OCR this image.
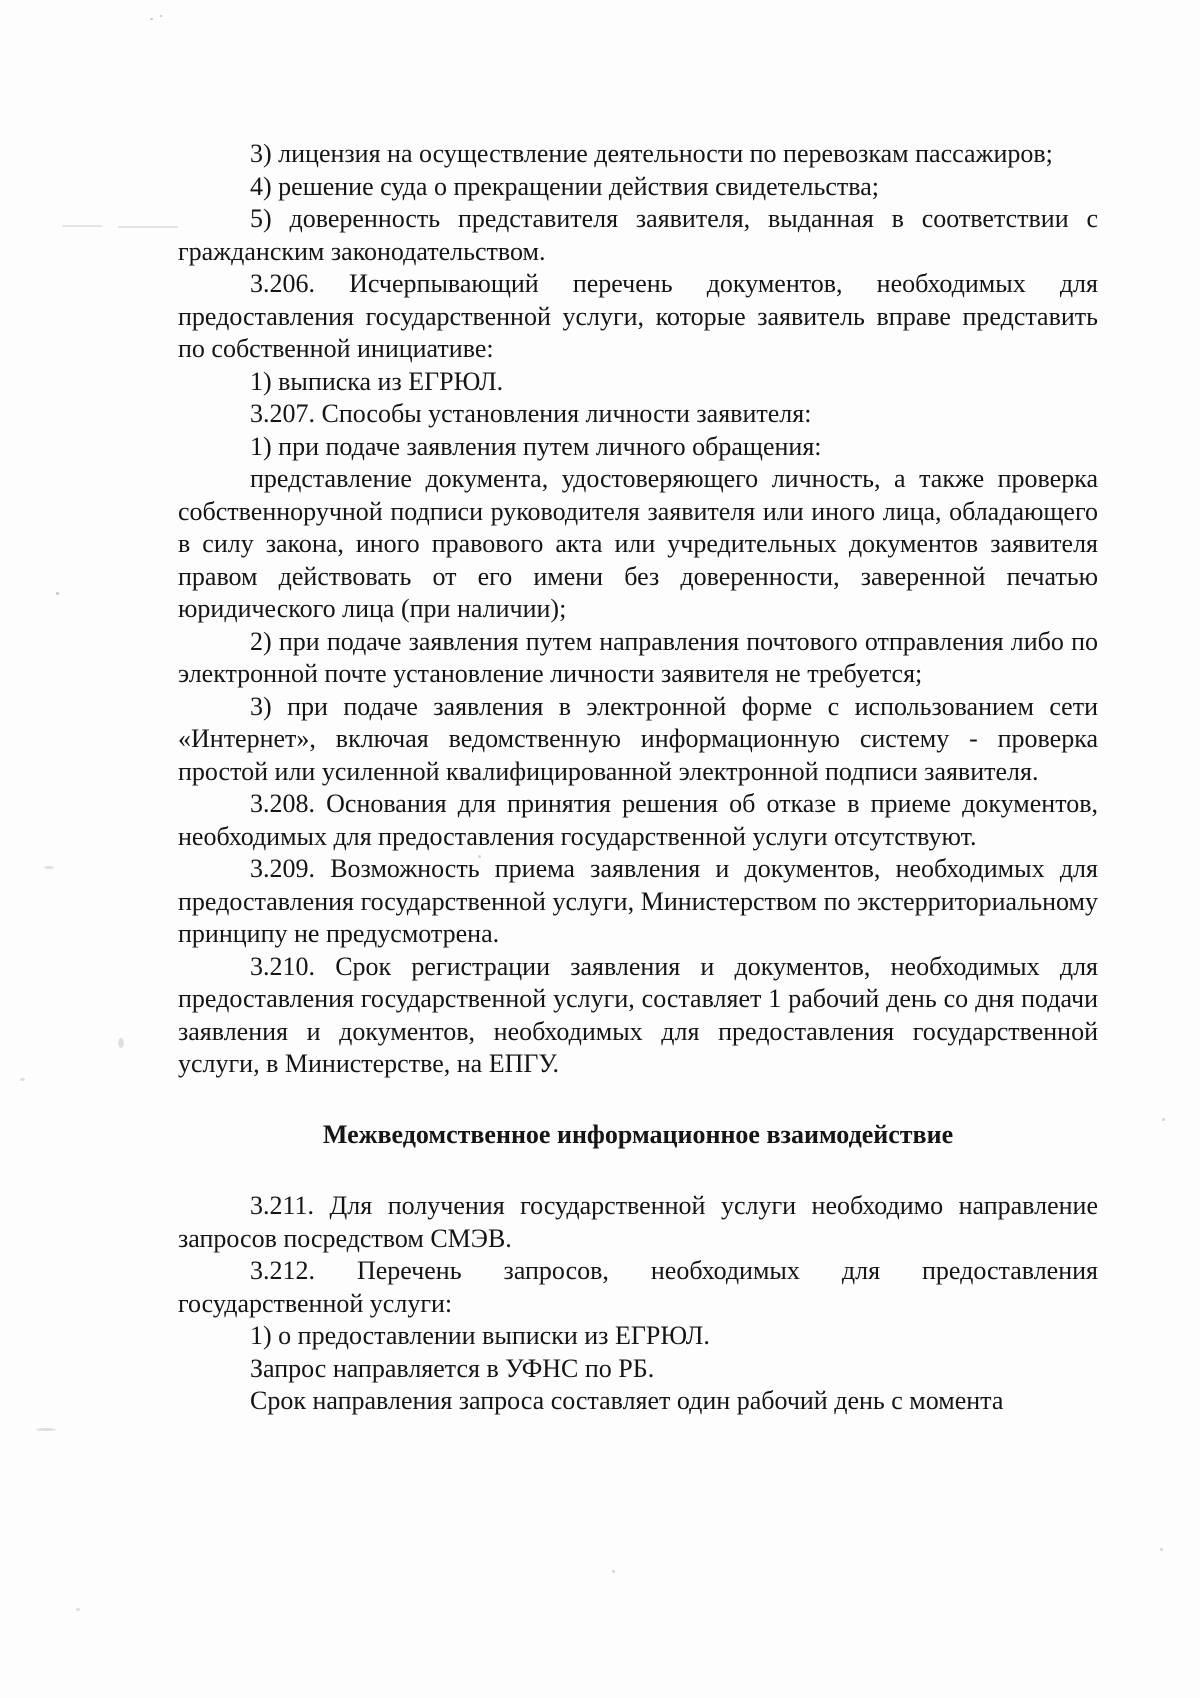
3) лицензия на осуществление деятельности по перевозкам пассажиров;

4) решение суда о прекращении действия свидетельства;

5) доверенность представителя заявителя, выданная в соответствии с гражданским законодательством.

3.206. Исчерпывающий перечень документов, необходимых для предоставления государственной услуги, которые заявитель вправе представить по собственной инициативе:

1) выписка из ЕГРЮЛ.

3.207. Способы установления личности заявителя:

1) при подаче заявления путем личного обращения:

представление документа, удостоверяющего личность, а также проверка собственноручной подписи руководителя заявителя или иного лица, обладающего в силу закона, иного правового акта или учредительных документов заявителя правом действовать от его имени без доверенности, заверенной печатью юридического лица (при наличии);

2) при подаче заявления путем направления почтового отправления либо по электронной почте установление личности заявителя не требуется;

3) при подаче заявления в электронной форме с использованием сети «Интернет», включая ведомственную информационную систему - проверка простой или усиленной квалифицированной электронной подписи заявителя.

3.208. Основания для принятия решения об отказе в приеме документов, необходимых для предоставления государственной услуги отсутствуют.

3.209. Возможность приема заявления и документов, необходимых для предоставления государственной услуги, Министерством по экстерриториальному принципу не предусмотрена.

3.210. Срок регистрации заявления и документов, необходимых для предоставления государственной услуги, составляет 1 рабочий день со дня подачи заявления и документов, необходимых для предоставления государственной услуги, в Министерстве, на ЕПГУ.

Межведомственное информационное взаимодействие

3.211. Для получения государственной услуги необходимо направление запросов посредством СМЭВ.

3.212. Перечень запросов, необходимых для предоставления государственной услуги:

1) о предоставлении выписки из ЕГРЮЛ.

Запрос направляется в УФНС по РБ.

Срок направления запроса составляет один рабочий день с момента
